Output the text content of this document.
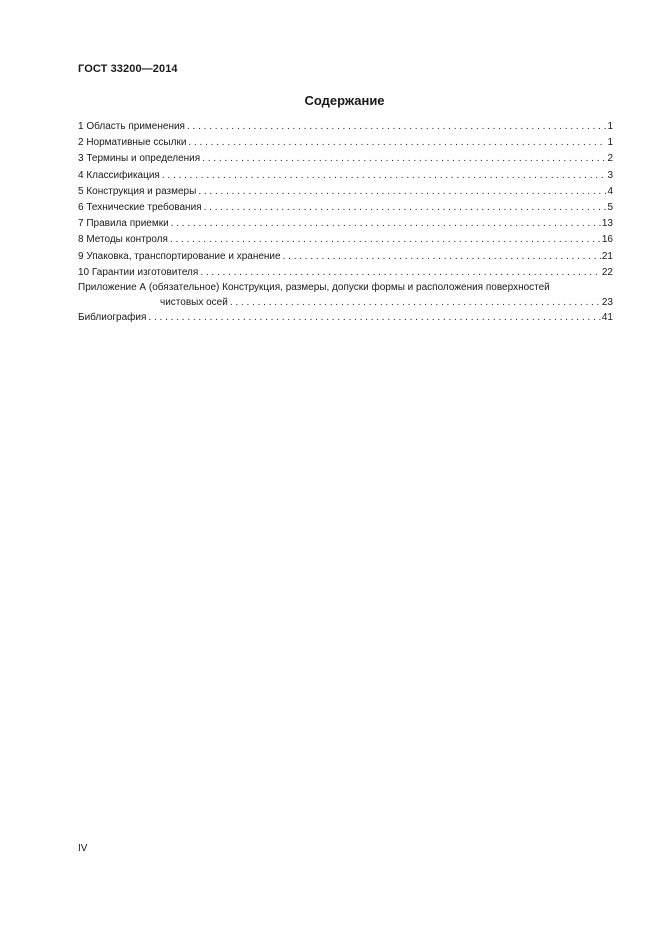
ГОСТ 33200—2014
Содержание
1 Область применения . . .	1
2 Нормативные ссылки . . .	1
3 Термины и определения . . .	2
4 Классификация . . .	3
5 Конструкция и размеры . . .	4
6 Технические требования . . .	5
7 Правила приемки . . .	13
8 Методы контроля . . .	16
9 Упаковка, транспортирование и хранение . . .	21
10 Гарантии изготовителя . . .	22
Приложение А (обязательное) Конструкция, размеры, допуски формы и расположения поверхностей
чистовых осей . . .	23
Библиография . . .	41
IV
